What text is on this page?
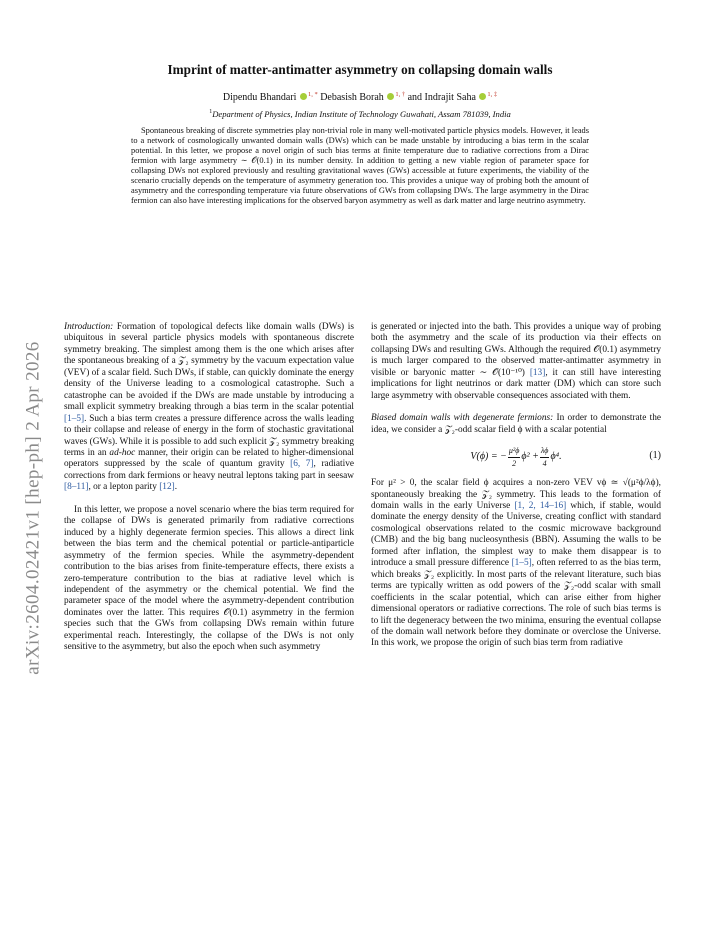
arXiv:2604.02421v1 [hep-ph] 2 Apr 2026
Imprint of matter-antimatter asymmetry on collapsing domain walls
Dipendu Bhandari $^{1, *}$ Debasish Borah $^{1, \dagger}$ and Indrajit Saha $^{1, \ddagger}$
$^1$Department of Physics, Indian Institute of Technology Guwahati, Assam 781039, India

Spontaneous breaking of discrete symmetries play non-trivial role in many well-motivated particle physics models. However, it leads to a network of cosmologically unwanted domain walls (DWs) which can be made unstable by introducing a bias term in the scalar potential. In this letter, we propose a novel origin of such bias terms at finite temperature due to radiative corrections from a Dirac fermion with large asymmetry ∼ 𝒪(0.1) in its number density. In addition to getting a new viable region of parameter space for collapsing DWs not explored previously and resulting gravitational waves (GWs) accessible at future experiments, the viability of the scenario crucially depends on the temperature of asymmetry generation too. This provides a unique way of probing both the amount of asymmetry and the corresponding temperature via future observations of GWs from collapsing DWs. The large asymmetry in the Dirac fermion can also have interesting implications for the observed baryon asymmetry as well as dark matter and large neutrino asymmetry.

Introduction: Formation of topological defects like domain walls (DWs) is ubiquitous in several particle physics models with spontaneous discrete symmetry breaking. The simplest among them is the one which arises after the spontaneous breaking of a 𝒵₂ symmetry by the vacuum expectation value (VEV) of a scalar field. Such DWs, if stable, can quickly dominate the energy density of the Universe leading to a cosmological catastrophe. Such a catastrophe can be avoided if the DWs are made unstable by introducing a small explicit symmetry breaking through a bias term in the scalar potential [1–5]. Such a bias term creates a pressure difference across the walls leading to their collapse and release of energy in the form of stochastic gravitational waves (GWs). While it is possible to add such explicit 𝒵₂ symmetry breaking terms in an ad-hoc manner, their origin can be related to higher-dimensional operators suppressed by the scale of quantum gravity [6, 7], radiative corrections from dark fermions or heavy neutral leptons taking part in seesaw [8–11], or a lepton parity [12].

In this letter, we propose a novel scenario where the bias term required for the collapse of DWs is generated primarily from radiative corrections induced by a highly degenerate fermion species. This allows a direct link between the bias term and the chemical potential or particle-antiparticle asymmetry of the fermion species. While the asymmetry-dependent contribution to the bias arises from finite-temperature effects, there exists a zero-temperature contribution to the bias at radiative level which is independent of the asymmetry or the chemical potential. We find the parameter space of the model where the asymmetry-dependent contribution dominates over the latter. This requires 𝒪(0.1) asymmetry in the fermion species such that the GWs from collapsing DWs remain within future experimental reach. Interestingly, the collapse of the DWs is not only sensitive to the asymmetry, but also the epoch when such asymmetry

is generated or injected into the bath. This provides a unique way of probing both the asymmetry and the scale of its production via their effects on collapsing DWs and resulting GWs. Although the required 𝒪(0.1) asymmetry is much larger compared to the observed matter-antimatter asymmetry in visible or baryonic matter ∼ 𝒪(10⁻¹⁰) [13], it can still have interesting implications for light neutrinos or dark matter (DM) which can store such large asymmetry with observable consequences associated with them.

Biased domain walls with degenerate fermions: In order to demonstrate the idea, we consider a 𝒵₂-odd scalar field ϕ with a scalar potential

V(ϕ) = − $\frac{\text{μ²ϕ}}{2} \phi^2 + \frac{\lambda\phi}{4} \phi^4$.	(1)

For μ² > 0, the scalar field ϕ acquires a non-zero VEV vϕ ≃ √(μ²ϕ/λϕ), spontaneously breaking the 𝒵₂ symmetry. This leads to the formation of domain walls in the early Universe [1, 2, 14–16] which, if stable, would dominate the energy density of the Universe, creating conflict with standard cosmological observations related to the cosmic microwave background (CMB) and the big bang nucleosynthesis (BBN). Assuming the walls to be formed after inflation, the simplest way to make them disappear is to introduce a small pressure difference [1–5], often referred to as the bias term, which breaks 𝒵₂ explicitly. In most parts of the relevant literature, such bias terms are typically written as odd powers of the 𝒵₂-odd scalar with small coefficients in the scalar potential, which can arise either from higher dimensional operators or radiative corrections. The role of such bias terms is to lift the degeneracy between the two minima, ensuring the eventual collapse of the domain wall network before they dominate or overclose the Universe. In this work, we propose the origin of such bias term from radiative
